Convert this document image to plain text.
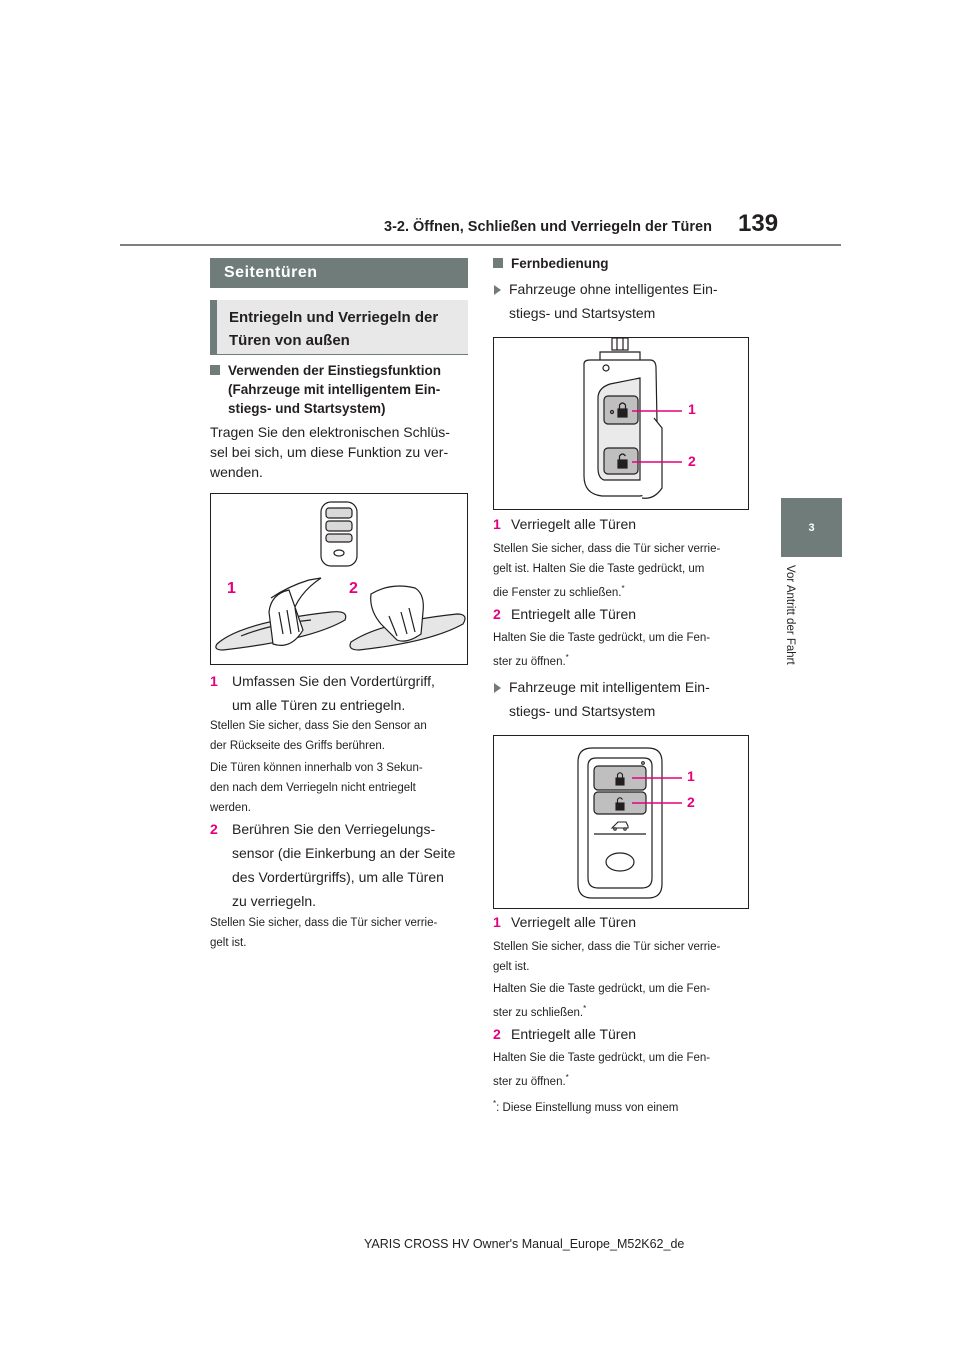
3-2. Öffnen, Schließen und Verriegeln der Türen 139
3
Vor Antritt der Fahrt
Seitentüren
Entriegeln und Verriegeln der
Türen von außen
Verwenden der Einstiegsfunktion
(Fahrzeuge mit intelligentem Ein-
stiegs- und Startsystem)
Tragen Sie den elektronischen Schlüs-
sel bei sich, um diese Funktion zu ver-
wenden.
1	2
1 Umfassen Sie den Vordertürgriff,
um alle Türen zu entriegeln.
Stellen Sie sicher, dass Sie den Sensor an
der Rückseite des Griffs berühren.
Die Türen können innerhalb von 3 Sekun-
den nach dem Verriegeln nicht entriegelt
werden.
2 Berühren Sie den Verriegelungs-
sensor (die Einkerbung an der Seite
des Vordertürgriffs), um alle Türen
zu verriegeln.
Stellen Sie sicher, dass die Tür sicher verrie-
gelt ist.
Fernbedienung
Fahrzeuge ohne intelligentes Ein-
stiegs- und Startsystem
1
2
1 Verriegelt alle Türen
Stellen Sie sicher, dass die Tür sicher verrie-
gelt ist. Halten Sie die Taste gedrückt, um
die Fenster zu schließen.*
2 Entriegelt alle Türen
Halten Sie die Taste gedrückt, um die Fen-
ster zu öffnen.*
Fahrzeuge mit intelligentem Ein-
stiegs- und Startsystem
1
2
1 Verriegelt alle Türen
Stellen Sie sicher, dass die Tür sicher verrie-
gelt ist.
Halten Sie die Taste gedrückt, um die Fen-
ster zu schließen.*
2 Entriegelt alle Türen
Halten Sie die Taste gedrückt, um die Fen-
ster zu öffnen.*
*: Diese Einstellung muss von einem
YARIS CROSS HV Owner's Manual_Europe_M52K62_de
